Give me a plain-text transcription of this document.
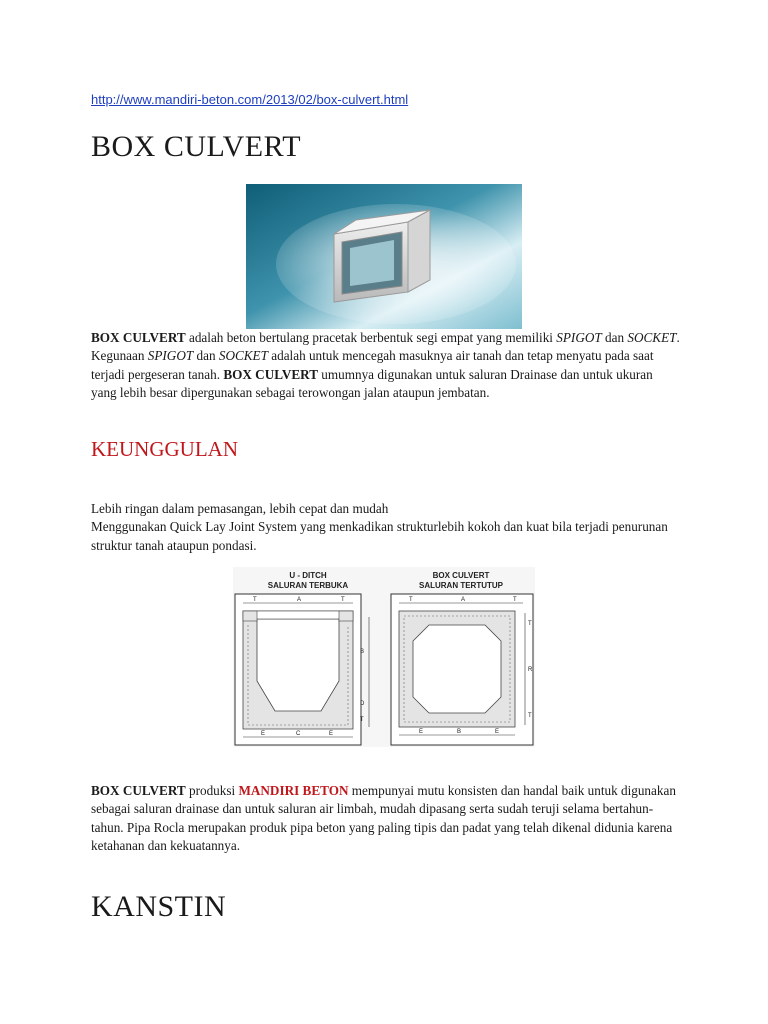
http://www.mandiri-beton.com/2013/02/box-culvert.html
BOX CULVERT
BOX CULVERT adalah beton bertulang pracetak berbentuk segi empat yang memiliki SPIGOT dan SOCKET. Kegunaan SPIGOT dan SOCKET adalah untuk mencegah masuknya air tanah dan tetap menyatu pada saat terjadi pergeseran tanah. BOX CULVERT umumnya digunakan untuk saluran Drainase dan untuk ukuran yang lebih besar dipergunakan sebagai terowongan jalan ataupun jembatan.
KEUNGGULAN
Lebih ringan dalam pemasangan, lebih cepat dan mudah
Menggunakan Quick Lay Joint System yang menkadikan strukturlebih kokoh dan kuat bila terjadi penurunan struktur tanah ataupun pondasi.
U - DITCH
SALURAN TERBUKA
BOX CULVERT
SALURAN TERTUTUP
T	A	T
B
D
T
E	C	E
T	A	T
T
R
T
E	B	E
BOX CULVERT produksi MANDIRI BETON mempunyai mutu konsisten dan handal baik untuk digunakan sebagai saluran drainase dan untuk saluran air limbah, mudah dipasang serta sudah teruji selama bertahun-tahun. Pipa Rocla merupakan produk pipa beton yang paling tipis dan padat yang telah dikenal didunia karena ketahanan dan kekuatannya.
KANSTIN
